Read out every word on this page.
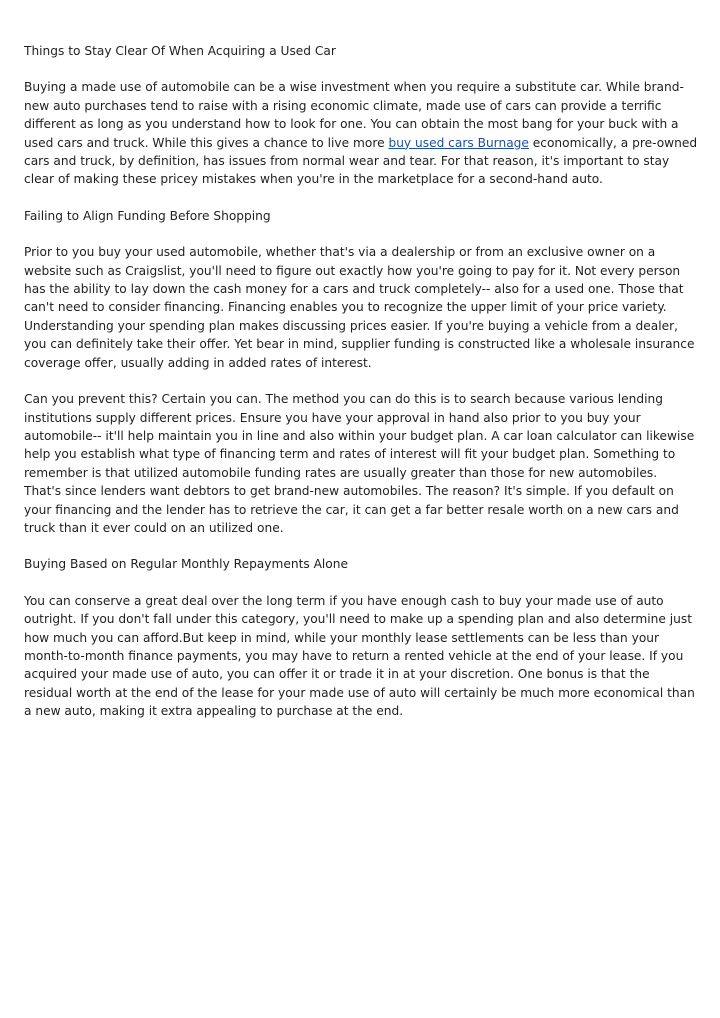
Things to Stay Clear Of When Acquiring a Used Car

Buying a made use of automobile can be a wise investment when you require a substitute car. While brand-new auto purchases tend to raise with a rising economic climate, made use of cars can provide a terrific different as long as you understand how to look for one. You can obtain the most bang for your buck with a used cars and truck. While this gives a chance to live more buy used cars Burnage economically, a pre-owned cars and truck, by definition, has issues from normal wear and tear. For that reason, it's important to stay clear of making these pricey mistakes when you're in the marketplace for a second-hand auto.

Failing to Align Funding Before Shopping

Prior to you buy your used automobile, whether that's via a dealership or from an exclusive owner on a website such as Craigslist, you'll need to figure out exactly how you're going to pay for it. Not every person has the ability to lay down the cash money for a cars and truck completely-- also for a used one. Those that can't need to consider financing. Financing enables you to recognize the upper limit of your price variety. Understanding your spending plan makes discussing prices easier. If you're buying a vehicle from a dealer, you can definitely take their offer. Yet bear in mind, supplier funding is constructed like a wholesale insurance coverage offer, usually adding in added rates of interest.

Can you prevent this? Certain you can. The method you can do this is to search because various lending institutions supply different prices. Ensure you have your approval in hand also prior to you buy your automobile-- it'll help maintain you in line and also within your budget plan. A car loan calculator can likewise help you establish what type of financing term and rates of interest will fit your budget plan. Something to remember is that utilized automobile funding rates are usually greater than those for new automobiles. That's since lenders want debtors to get brand-new automobiles. The reason? It's simple. If you default on your financing and the lender has to retrieve the car, it can get a far better resale worth on a new cars and truck than it ever could on an utilized one.

Buying Based on Regular Monthly Repayments Alone

You can conserve a great deal over the long term if you have enough cash to buy your made use of auto outright. If you don't fall under this category, you'll need to make up a spending plan and also determine just how much you can afford.But keep in mind, while your monthly lease settlements can be less than your month-to-month finance payments, you may have to return a rented vehicle at the end of your lease. If you acquired your made use of auto, you can offer it or trade it in at your discretion. One bonus is that the residual worth at the end of the lease for your made use of auto will certainly be much more economical than a new auto, making it extra appealing to purchase at the end.
